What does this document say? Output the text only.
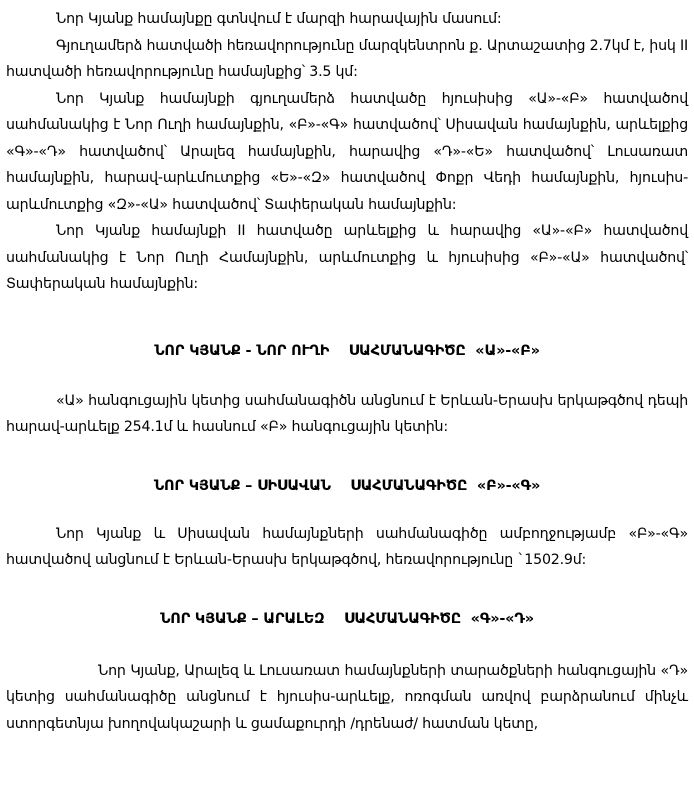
Նոր Կյանք համայնքը գտնվում է մարզի հարավային մասում:

Գյուղամերձ հատվածի հեռավորությունը մարզկենտրոն ք. Արտաշատից 2.7կմ է, իսկ II հատվածի հեռավորությունը համայնքից՝ 3.5 կմ:

Նոր Կյանք համայնքի գյուղամերձ հատվածը հյուսիսից «Ա»-«Բ» հատվածով սահմանակից է Նոր Ուղի համայնքին, «Բ»-«Գ» հատվածով՝ Սիսավան համայնքին, արևելքից «Գ»-«Դ» հատվածով՝ Արալեզ համայնքին, հարավից «Դ»-«Ե» հատվածով՝ Լուսառատ համայնքին, հարավ-արևմուտքից «Ե»-«Զ» հատվածով Փոքր Վեդի համայնքին, հյուսիս-արևմուտքից «Զ»-«Ա» հատվածով՝ Տափերական համայնքին:

Նոր Կյանք համայնքի II հատվածը արևելքից և հարավից «Ա»-«Բ» հատվածով սահմանակից է Նոր Ուղի Համայնքին, արևմուտքից և հյուսիսից «Բ»-«Ա» հատվածով՝ Տափերական համայնքին:

ՆՈՐ ԿՅԱՆՔ - ՆՈՐ ՈՒՂԻ    ՍԱՀՄԱՆԱԳԻԾԸ  «Ա»-«Բ»

«Ա» հանգուցային կետից սահմանագիծն անցնում է Երևան-Երասխ երկաթգծով դեպի հարավ-արևելք 254.1մ և հասնում «Բ» հանգուցային կետին:

ՆՈՐ ԿՅԱՆՔ – ՍԻՍԱՎԱՆ    ՍԱՀՄԱՆԱԳԻԾԸ  «Բ»-«Գ»

Նոր Կյանք և Սիսավան համայնքների սահմանագիծը ամբողջությամբ «Բ»-«Գ» հատվածով անցնում է Երևան-Երասխ երկաթգծով, հեռավորությունը `1502.9մ:

ՆՈՐ ԿՅԱՆՔ – ԱՐԱԼԵԶ    ՍԱՀՄԱՆԱԳԻԾԸ  «Գ»-«Դ»

Նոր Կյանք, Արալեզ և Լուսառատ համայնքների տարածքների հանգուցային «Դ» կետից սահմանագիծը անցնում է հյուսիս-արևելք, ոռոգման առվով բարձրանում մինչև ստորգետնյա խողովակաշարի և ցամաքուրդի /դրենաժ/ հատման կետը,
